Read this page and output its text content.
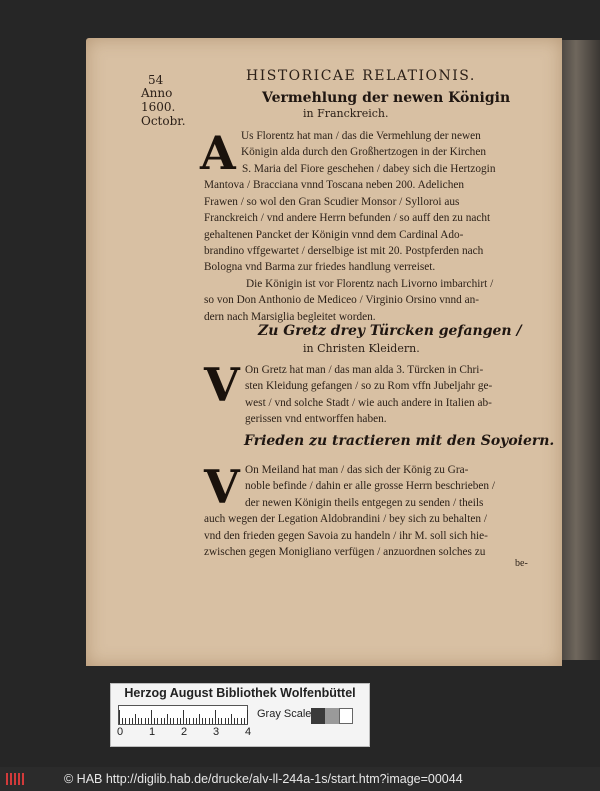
Anno
1600.
Octobr.
54	HISTORICAE RELATIONIS.
Vermehlung der newen Königin
in Franckreich.
A Us Florentz hat man / das die Vermehlung der newen
Königin alda durch den Großhertzogen in der Kirchen
S. Maria del Fiore geschehen / dabey sich die Hertzogin
Mantova / Bracciana vnnd Toscana neben 200. Adelichen
Frawen / so wol den Gran Scudier Monsor / Sylloroi aus
Franckreich / vnd andere Herrn befunden / so auff den zu nacht
gehaltenen Pancket der Königin vnnd dem Cardinal Ado-
brandino vffgewartet / derselbige ist mit 20. Postpferden nach
Bologna vnd Barma zur friedes handlung verreiset.
Die Königin ist vor Florentz nach Livorno imbarchirt /
so von Don Anthonio de Mediceo / Virginio Orsino vnnd an-
dern nach Marsiglia begleitet worden.
Zu Gretz drey Türcken gefangen /
in Christen Kleidern.
V On Gretz hat man / das man alda 3. Türcken in Chri-
sten Kleidung gefangen / so zu Rom vffn Jubeljahr ge-
west / vnd solche Stadt / wie auch andere in Italien ab-
gerissen vnd entworffen haben.
Frieden zu tractieren mit den Soyoiern.
V On Meiland hat man / das sich der König zu Gra-
noble befinde / dahin er alle grosse Herrn beschrieben /
der newen Königin theils entgegen zu senden / theils
auch wegen der Legation Aldobrandini / bey sich zu behalten /
vnd den frieden gegen Savoia zu handeln / ihr M. soll sich hie-
zwischen gegen Monigliano verfügen / anzuordnen solches zu
be-
Herzog August Bibliothek Wolfenbüttel
0 1 2 3 4
Gray Scale
© HAB http://diglib.hab.de/drucke/alv-ll-244a-1s/start.htm?image=00044
